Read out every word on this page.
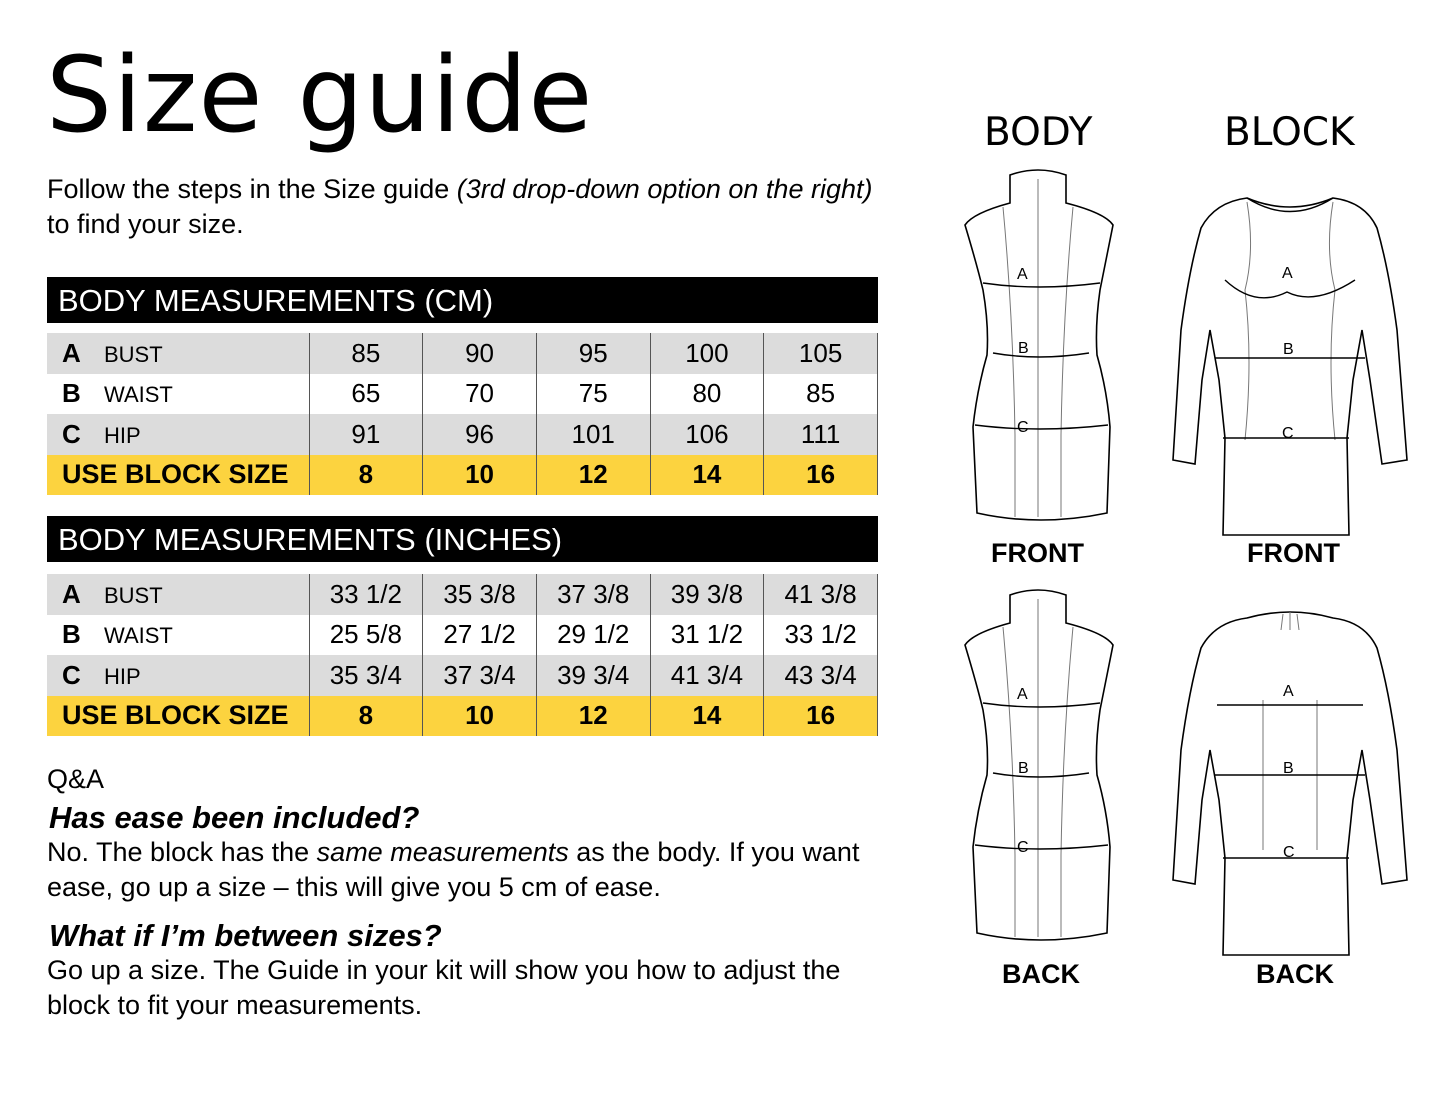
Size guide
Follow the steps in the Size guide (3rd drop-down option on the right) to find your size.
BODY MEASUREMENTS (CM)
A BUST	85	90	95	100	105
B WAIST	65	70	75	80	85
C HIP	91	96	101	106	111
USE BLOCK SIZE	8	10	12	14	16
BODY MEASUREMENTS (INCHES)
A BUST	33 1/2	35 3/8	37 3/8	39 3/8	41 3/8
B WAIST	25 5/8	27 1/2	29 1/2	31 1/2	33 1/2
C HIP	35 3/4	37 3/4	39 3/4	41 3/4	43 3/4
USE BLOCK SIZE	8	10	12	14	16
Q&A
Has ease been included?
No. The block has the same measurements as the body. If you want ease, go up a size – this will give you 5 cm of ease.
What if I’m between sizes?
Go up a size. The Guide in your kit will show you how to adjust the block to fit your measurements.
BODY	BLOCK
A
B
C
A
B
C
A
B
C
A
B
C
FRONT	FRONT
BACK	BACK
